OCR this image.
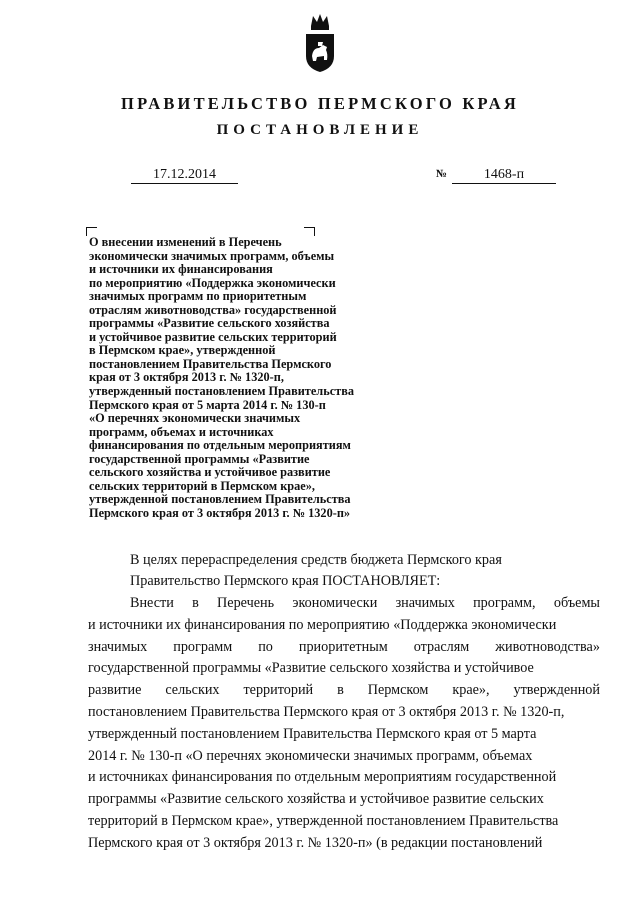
ПРАВИТЕЛЬСТВО ПЕРМСКОГО КРАЯ
ПОСТАНОВЛЕНИЕ
17.12.2014	№	1468-п
О внесении изменений в Перечень
экономически значимых программ, объемы
и источники их финансирования
по мероприятию «Поддержка экономически
значимых программ по приоритетным
отраслям животноводства» государственной
программы «Развитие сельского хозяйства
и устойчивое развитие сельских территорий
в Пермском крае», утвержденной
постановлением Правительства Пермского
края от 3 октября 2013 г. № 1320-п,
утвержденный постановлением Правительства
Пермского края от 5 марта 2014 г. № 130-п
«О перечнях экономически значимых
программ, объемах и источниках
финансирования по отдельным мероприятиям
государственной программы «Развитие
сельского хозяйства и устойчивое развитие
сельских территорий в Пермском крае»,
утвержденной постановлением Правительства
Пермского края от 3 октября 2013 г. № 1320-п»
В целях перераспределения средств бюджета Пермского края
Правительство Пермского края ПОСТАНОВЛЯЕТ:
Внести в Перечень экономически значимых программ, объемы
и источники их финансирования по мероприятию «Поддержка экономически
значимых программ по приоритетным отраслям животноводства»
государственной программы «Развитие сельского хозяйства и устойчивое
развитие сельских территорий в Пермском крае», утвержденной
постановлением Правительства Пермского края от 3 октября 2013 г. № 1320-п,
утвержденный постановлением Правительства Пермского края от 5 марта
2014 г. № 130-п «О перечнях экономически значимых программ, объемах
и источниках финансирования по отдельным мероприятиям государственной
программы «Развитие сельского хозяйства и устойчивое развитие сельских
территорий в Пермском крае», утвержденной постановлением Правительства
Пермского края от 3 октября 2013 г. № 1320-п» (в редакции постановлений
